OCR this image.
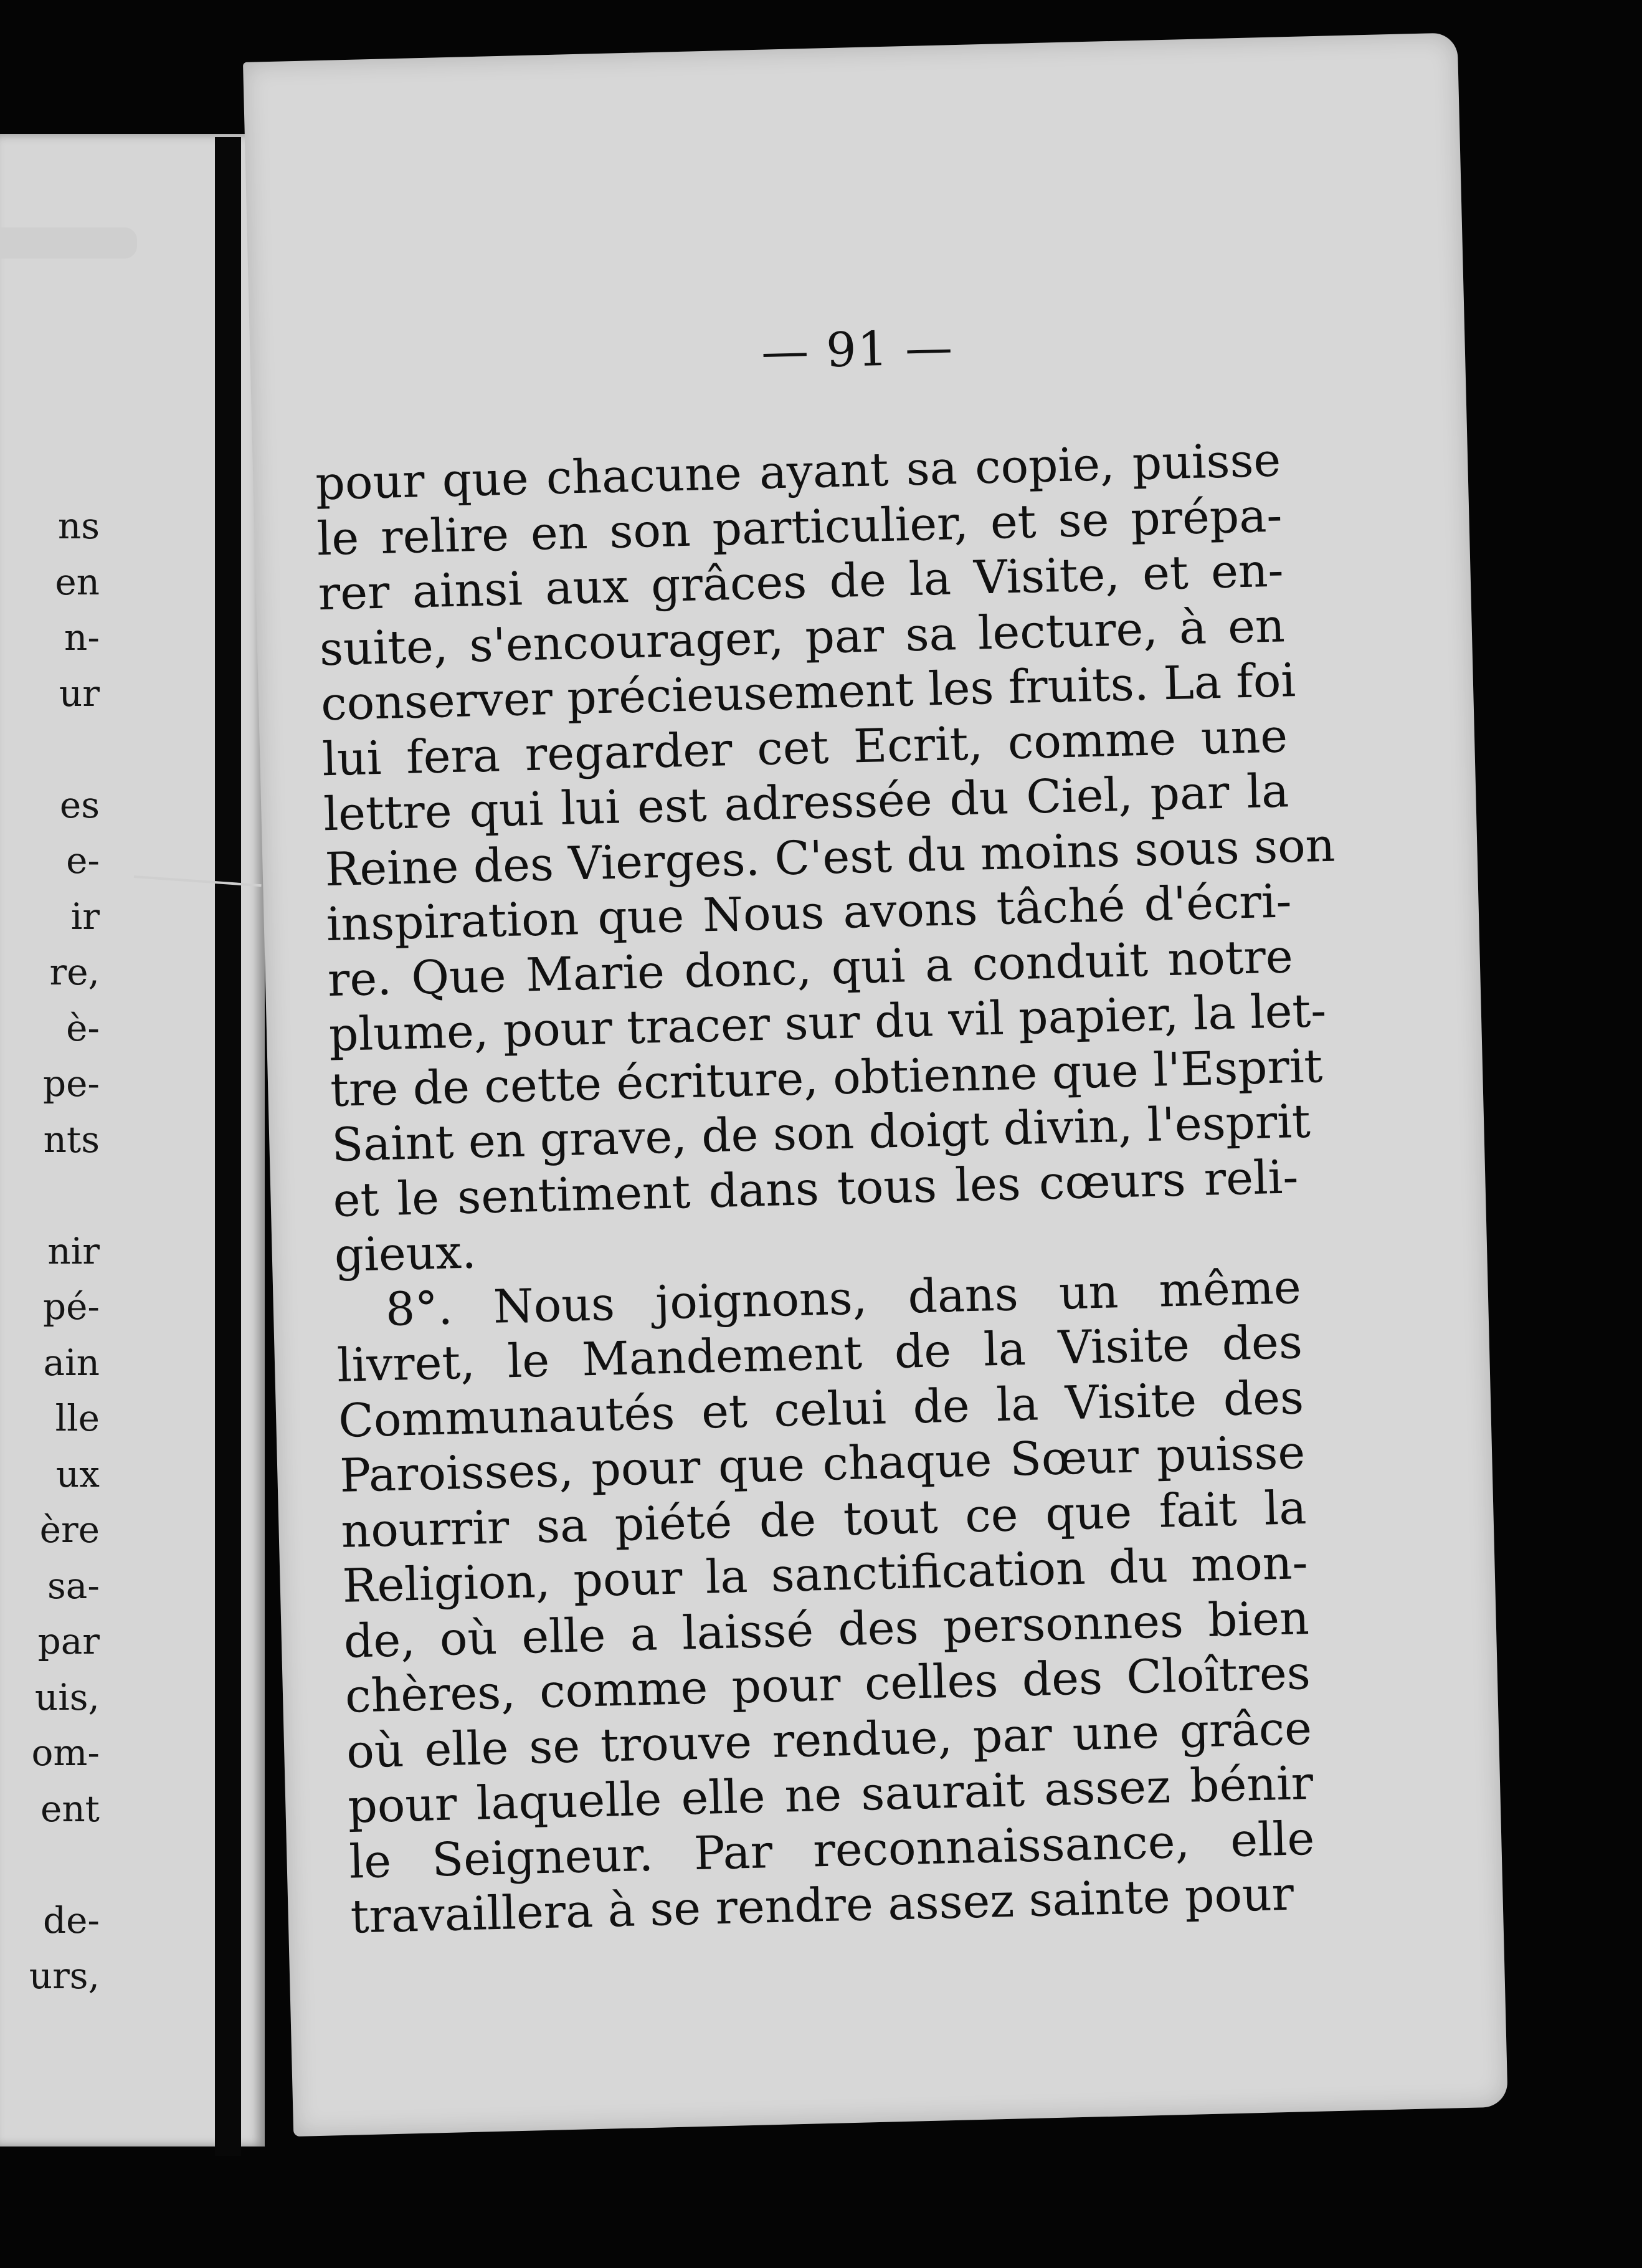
ns
en
n-
ur

es
e-
ir
re,
è-
pe-
nts

nir
pé-
ain
lle
ux
ère
sa-
par
uis,
om-
ent

de-
urs,
— 91 —
pour que chacune ayant sa copie, puisse
le relire en son particulier, et se prépa-
rer ainsi aux grâces de la Visite, et en-
suite, s'encourager, par sa lecture, à en
conserver précieusement les fruits. La foi
lui fera regarder cet Ecrit, comme une
lettre qui lui est adressée du Ciel, par la
Reine des Vierges. C'est du moins sous son
inspiration que Nous avons tâché d'écri-
re. Que Marie donc, qui a conduit notre
plume, pour tracer sur du vil papier, la let-
tre de cette écriture, obtienne que l'Esprit
Saint en grave, de son doigt divin, l'esprit
et le sentiment dans tous les cœurs reli-
gieux.
8°. Nous joignons, dans un même
livret, le Mandement de la Visite des
Communautés et celui de la Visite des
Paroisses, pour que chaque Sœur puisse
nourrir sa piété de tout ce que fait la
Religion, pour la sanctification du mon-
de, où elle a laissé des personnes bien
chères, comme pour celles des Cloîtres
où elle se trouve rendue, par une grâce
pour laquelle elle ne saurait assez bénir
le Seigneur. Par reconnaissance, elle
travaillera à se rendre assez sainte pour
